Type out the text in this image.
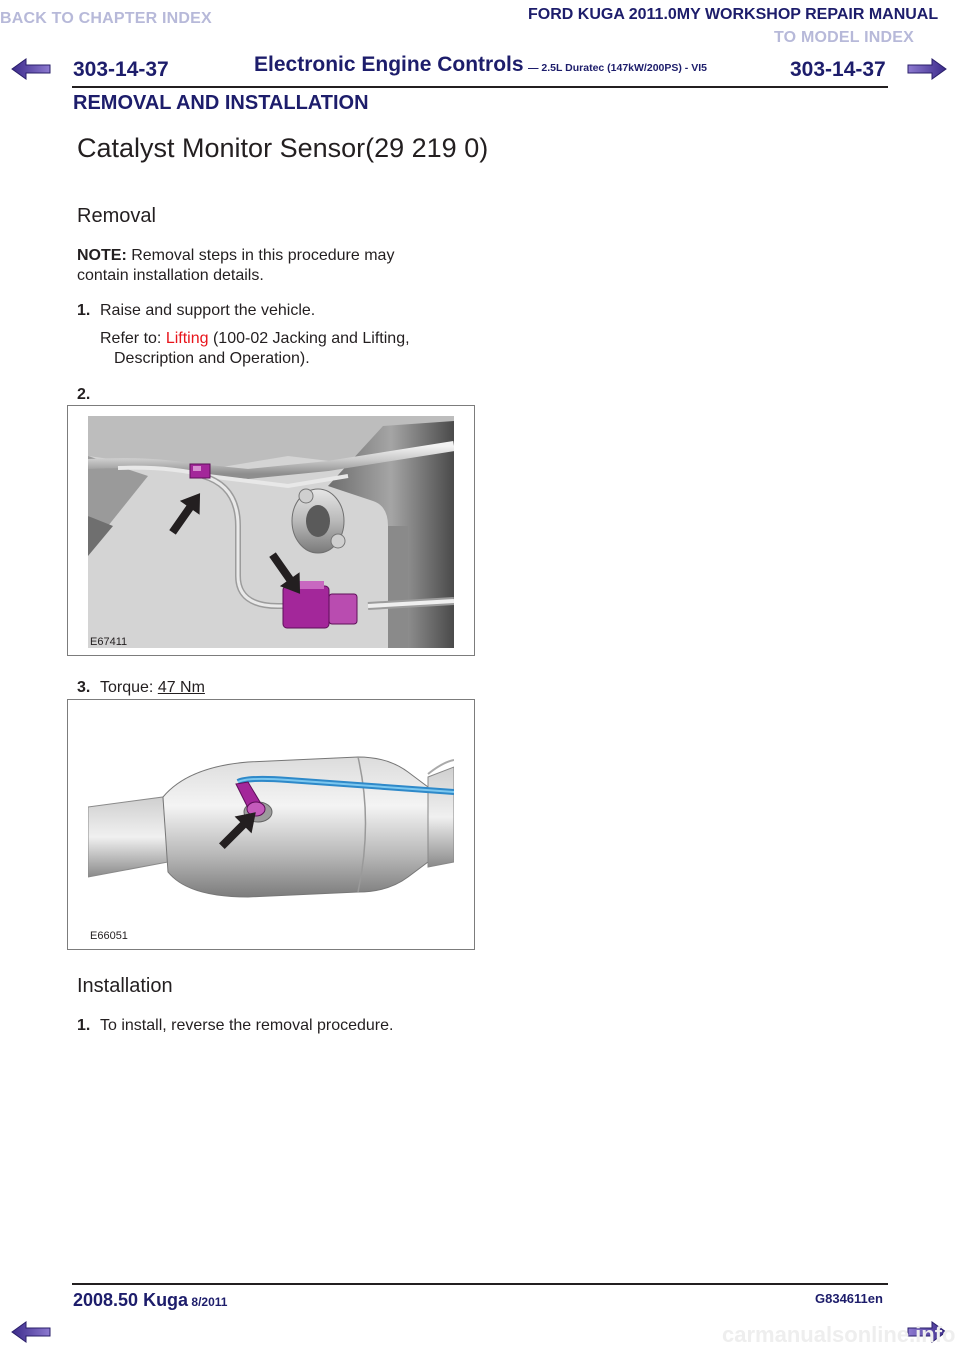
BACK TO CHAPTER INDEX	FORD KUGA 2011.0MY WORKSHOP REPAIR MANUAL
TO MODEL INDEX
303-14-37	Electronic Engine Controls — 2.5L Duratec (147kW/200PS) - VI5	303-14-37
REMOVAL AND INSTALLATION
Catalyst Monitor Sensor(29 219 0)
Removal
NOTE: Removal steps in this procedure may
contain installation details.
1. Raise and support the vehicle.
Refer to: Lifting (100-02 Jacking and Lifting,
Description and Operation).
2.
E67411
3. Torque: 47 Nm
E66051
Installation
1. To install, reverse the removal procedure.
2008.50 Kuga 8/2011	G834611en
carmanualsonline.info
